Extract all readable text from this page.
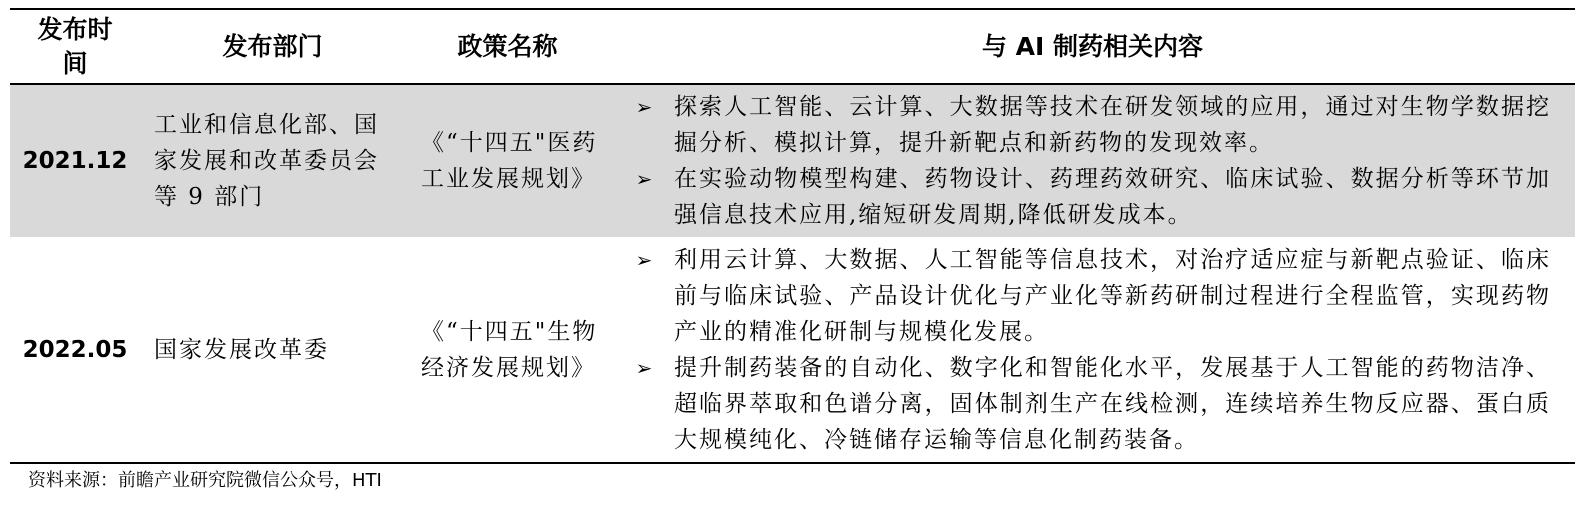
发布时间	发布部门	政策名称	与 AI 制药相关内容
2021.12	工业和信息化部、国家发展和改革委员会等 9 部门	《“十四五"医药工业发展规划》	➢ 探索人工智能、云计算、大数据等技术在研发领域的应用，通过对生物学数据挖掘分析、模拟计算，提升新靶点和新药物的发现效率。
➢ 在实验动物模型构建、药物设计、药理药效研究、临床试验、数据分析等环节加强信息技术应用,缩短研发周期,降低研发成本。

2022.05	国家发展改革委	《“十四五"生物经济发展规划》	➢ 利用云计算、大数据、人工智能等信息技术，对治疗适应症与新靶点验证、临床前与临床试验、产品设计优化与产业化等新药研制过程进行全程监管，实现药物产业的精准化研制与规模化发展。
➢ 提升制药装备的自动化、数字化和智能化水平，发展基于人工智能的药物洁净、超临界萃取和色谱分离，固体制剂生产在线检测，连续培养生物反应器、蛋白质大规模纯化、冷链储存运输等信息化制药装备。
资料来源：前瞻产业研究院微信公众号，HTI
